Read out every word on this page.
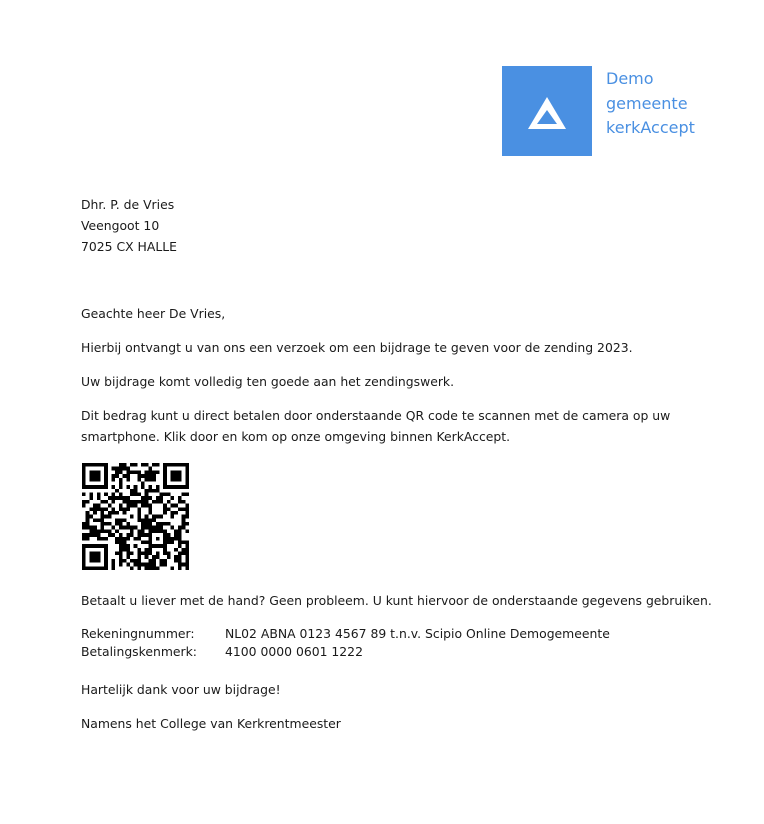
Demo
gemeente
kerkAccept
Dhr. P. de Vries
Veengoot 10
7025 CX HALLE
Geachte heer De Vries,
Hierbij ontvangt u van ons een verzoek om een bijdrage te geven voor de zending 2023.
Uw bijdrage komt volledig ten goede aan het zendingswerk.
Dit bedrag kunt u direct betalen door onderstaande QR code te scannen met de camera op uw
smartphone. Klik door en kom op onze omgeving binnen KerkAccept.
Betaalt u liever met de hand? Geen probleem. U kunt hiervoor de onderstaande gegevens gebruiken.
Rekeningnummer: NL02 ABNA 0123 4567 89 t.n.v. Scipio Online Demogemeente
Betalingskenmerk: 4100 0000 0601 1222
Hartelijk dank voor uw bijdrage!
Namens het College van Kerkrentmeester
